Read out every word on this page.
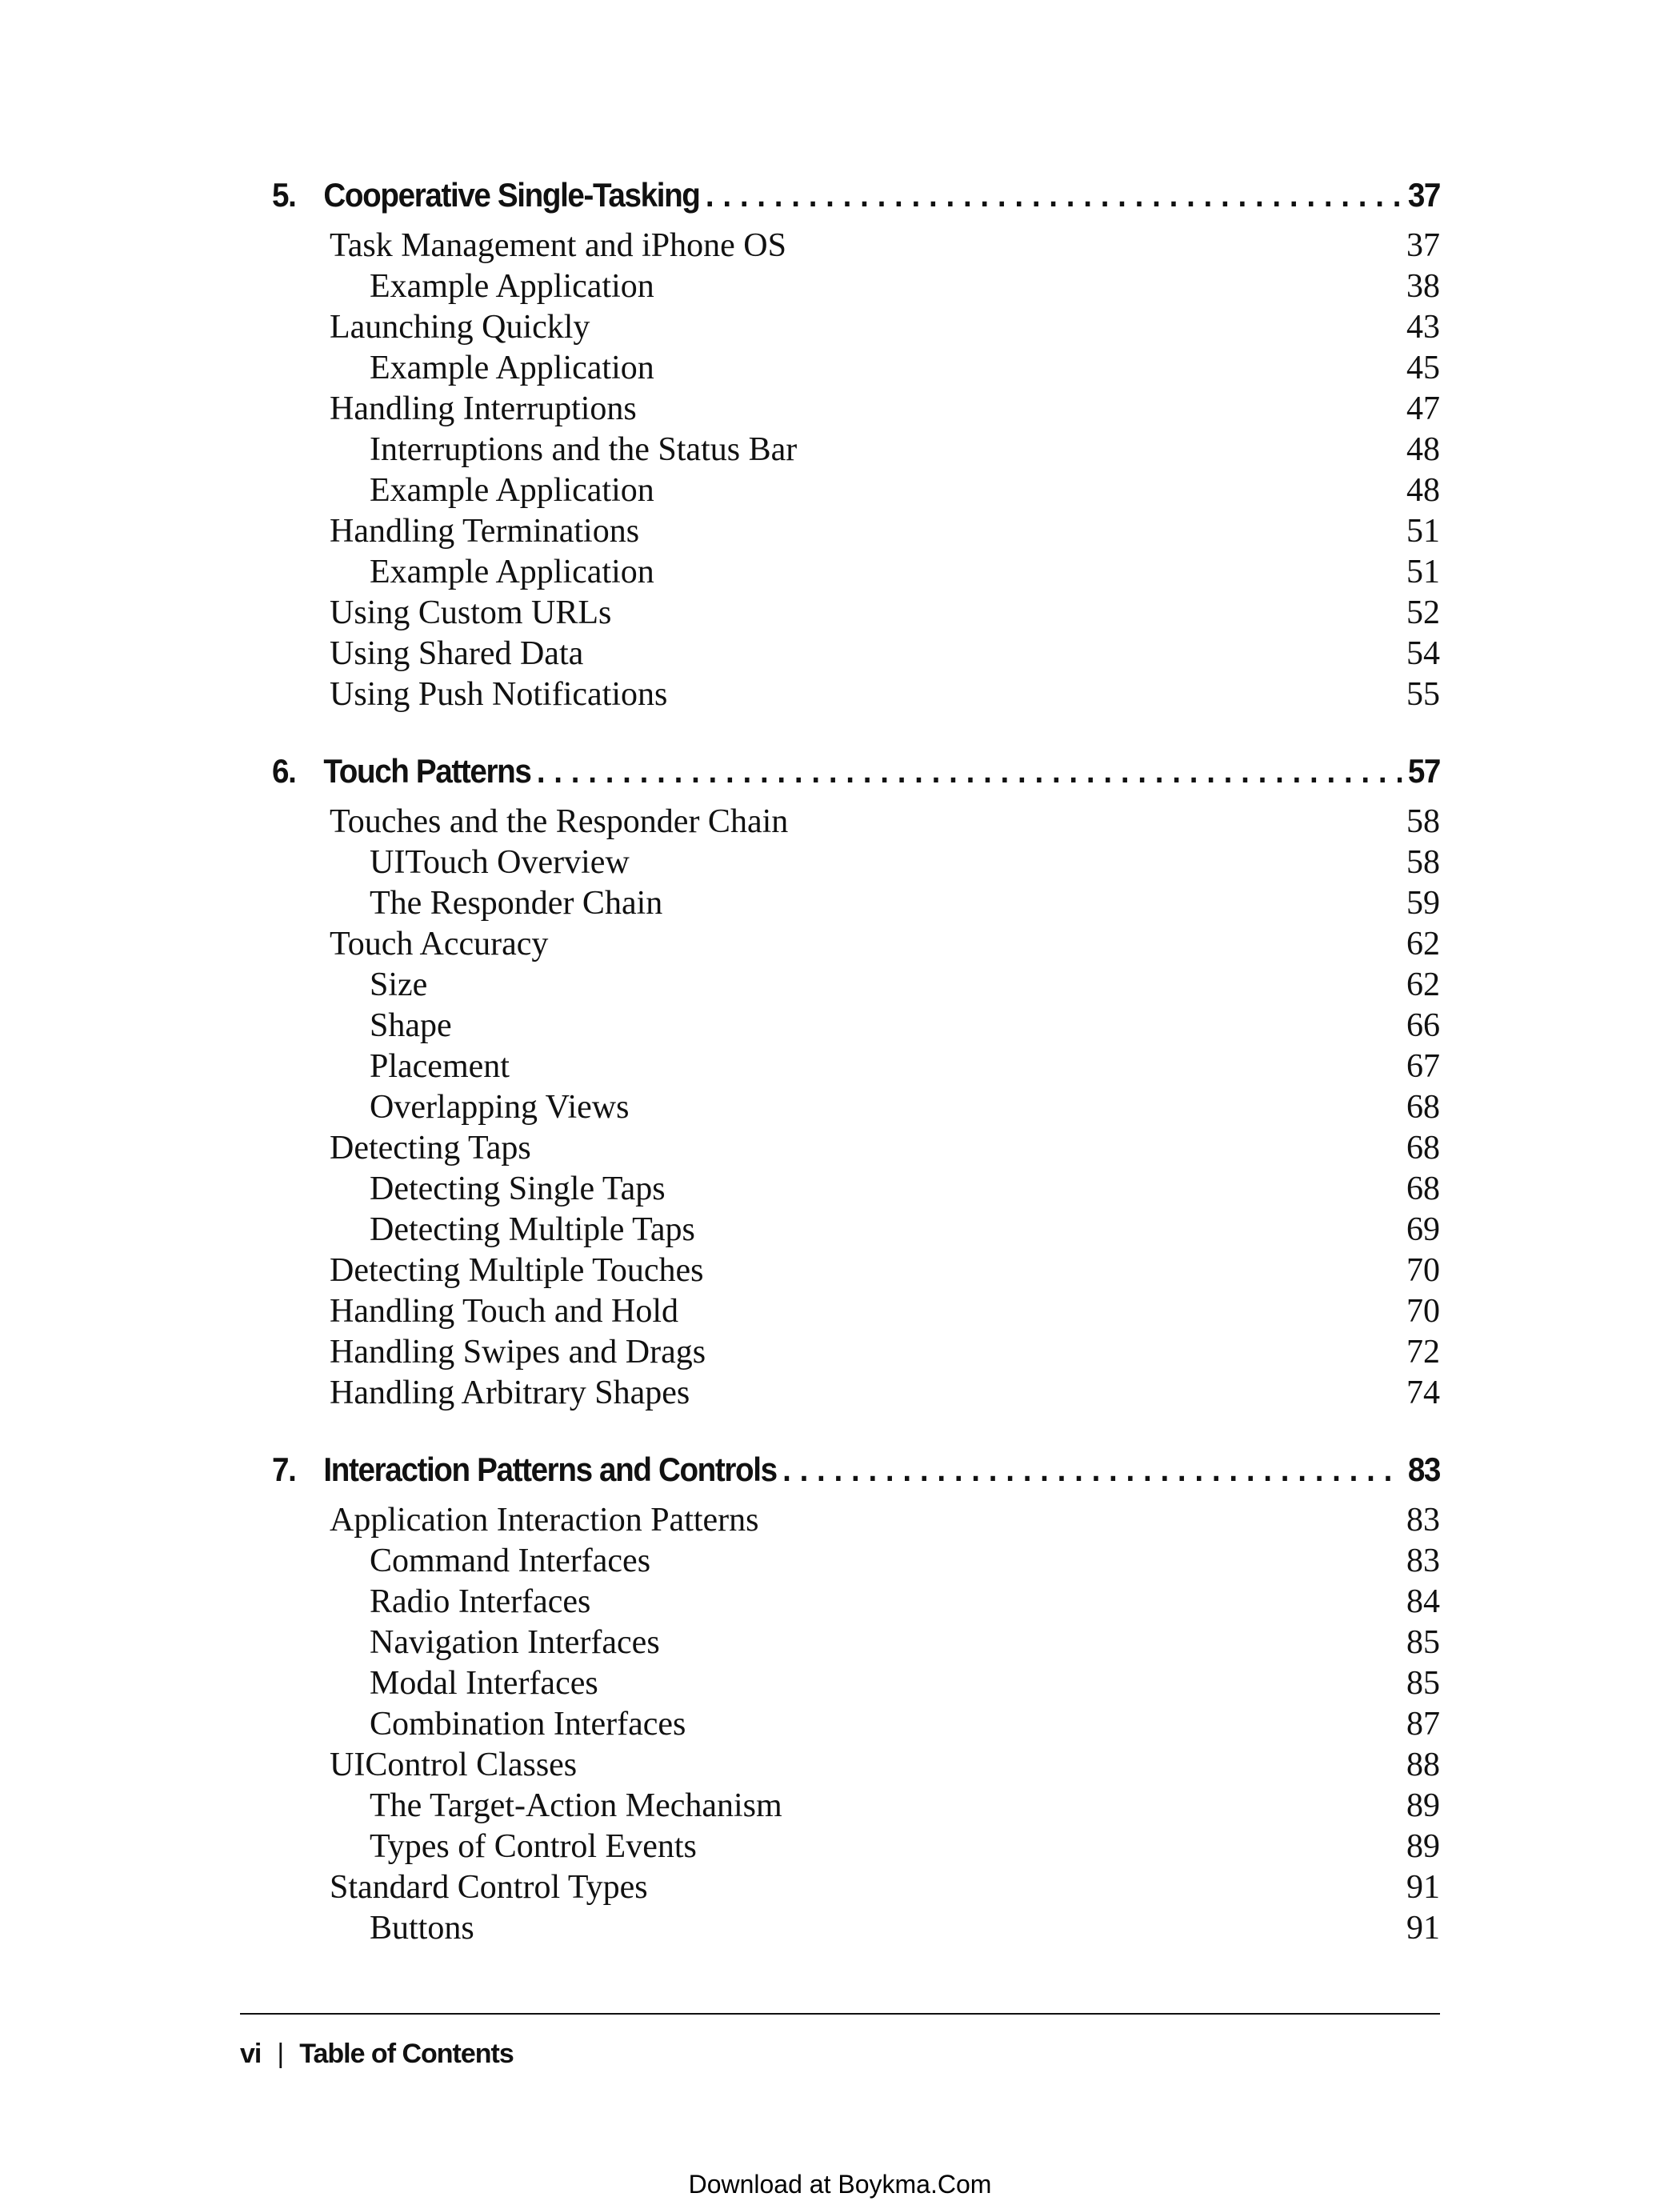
5. Cooperative Single-Tasking . . .	37
Task Management and iPhone OS	37
Example Application	38
Launching Quickly	43
Example Application	45
Handling Interruptions	47
Interruptions and the Status Bar	48
Example Application	48
Handling Terminations	51
Example Application	51
Using Custom URLs	52
Using Shared Data	54
Using Push Notifications	55
6. Touch Patterns . . .	57
Touches and the Responder Chain	58
UITouch Overview	58
The Responder Chain	59
Touch Accuracy	62
Size	62
Shape	66
Placement	67
Overlapping Views	68
Detecting Taps	68
Detecting Single Taps	68
Detecting Multiple Taps	69
Detecting Multiple Touches	70
Handling Touch and Hold	70
Handling Swipes and Drags	72
Handling Arbitrary Shapes	74
7. Interaction Patterns and Controls . . .	83
Application Interaction Patterns	83
Command Interfaces	83
Radio Interfaces	84
Navigation Interfaces	85
Modal Interfaces	85
Combination Interfaces	87
UIControl Classes	88
The Target-Action Mechanism	89
Types of Control Events	89
Standard Control Types	91
Buttons	91
vi | Table of Contents
Download at Boykma.Com
